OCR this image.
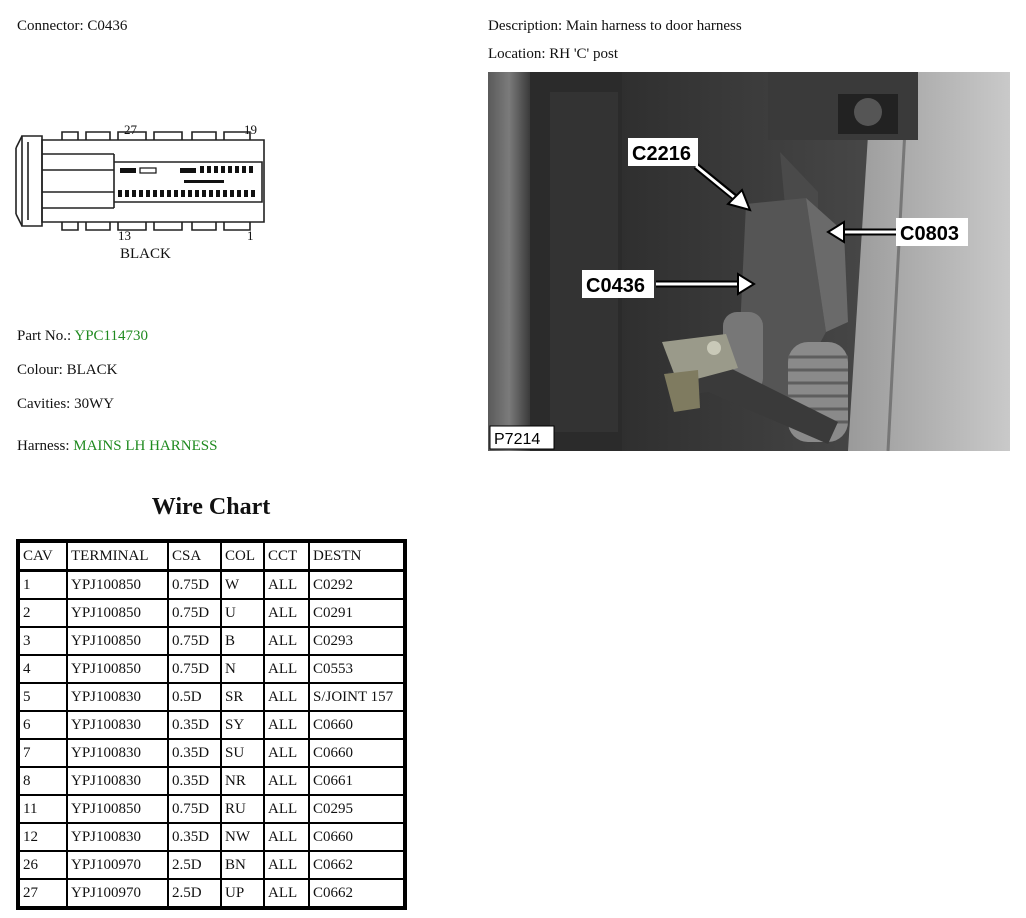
Connector: C0436	Description: Main harness to door harness
Location: RH 'C' post
27	19
13	1
BLACK
C2216
C0803
C0436
P7214
Part No.: YPC114730
Colour: BLACK
Cavities: 30WY
Harness: MAINS LH HARNESS
Wire Chart
CAV	TERMINAL	CSA	COL	CCT	DESTN
1	YPJ100850	0.75D	W	ALL	C0292
2	YPJ100850	0.75D	U	ALL	C0291
3	YPJ100850	0.75D	B	ALL	C0293
4	YPJ100850	0.75D	N	ALL	C0553
5	YPJ100830	0.5D	SR	ALL	S/JOINT 157
6	YPJ100830	0.35D	SY	ALL	C0660
7	YPJ100830	0.35D	SU	ALL	C0660
8	YPJ100830	0.35D	NR	ALL	C0661
11	YPJ100850	0.75D	RU	ALL	C0295
12	YPJ100830	0.35D	NW	ALL	C0660
26	YPJ100970	2.5D	BN	ALL	C0662
27	YPJ100970	2.5D	UP	ALL	C0662
